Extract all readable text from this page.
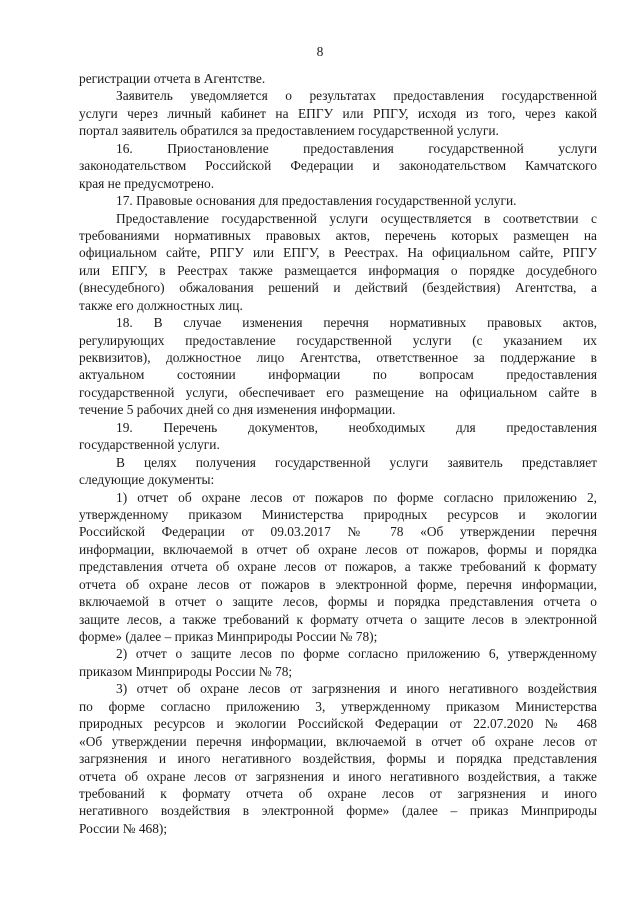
8
регистрации отчета в Агентстве.
Заявитель уведомляется о результатах предоставления государственной
услуги через личный кабинет на ЕПГУ или РПГУ, исходя из того, через какой
портал заявитель обратился за предоставлением государственной услуги.
16. Приостановление предоставления государственной услуги
законодательством Российской Федерации и законодательством Камчатского
края не предусмотрено.
17. Правовые основания для предоставления государственной услуги.
Предоставление государственной услуги осуществляется в соответствии с
требованиями нормативных правовых актов, перечень которых размещен на
официальном сайте, РПГУ или ЕПГУ, в Реестрах. На официальном сайте, РПГУ
или ЕПГУ, в Реестрах также размещается информация о порядке досудебного
(внесудебного) обжалования решений и действий (бездействия) Агентства, а
также его должностных лиц.
18. В случае изменения перечня нормативных правовых актов,
регулирующих предоставление государственной услуги (с указанием их
реквизитов), должностное лицо Агентства, ответственное за поддержание в
актуальном состоянии информации по вопросам предоставления
государственной услуги, обеспечивает его размещение на официальном сайте в
течение 5 рабочих дней со дня изменения информации.
19. Перечень документов, необходимых для предоставления
государственной услуги.
В целях получения государственной услуги заявитель представляет
следующие документы:
1) отчет об охране лесов от пожаров по форме согласно приложению 2,
утвержденному приказом Министерства природных ресурсов и экологии
Российской Федерации от 09.03.2017 № 78 «Об утверждении перечня
информации, включаемой в отчет об охране лесов от пожаров, формы и порядка
представления отчета об охране лесов от пожаров, а также требований к формату
отчета об охране лесов от пожаров в электронной форме, перечня информации,
включаемой в отчет о защите лесов, формы и порядка представления отчета о
защите лесов, а также требований к формату отчета о защите лесов в электронной
форме» (далее – приказ Минприроды России № 78);
2) отчет о защите лесов по форме согласно приложению 6, утвержденному
приказом Минприроды России № 78;
3) отчет об охране лесов от загрязнения и иного негативного воздействия
по форме согласно приложению 3, утвержденному приказом Министерства
природных ресурсов и экологии Российской Федерации от 22.07.2020 № 468
«Об утверждении перечня информации, включаемой в отчет об охране лесов от
загрязнения и иного негативного воздействия, формы и порядка представления
отчета об охране лесов от загрязнения и иного негативного воздействия, а также
требований к формату отчета об охране лесов от загрязнения и иного
негативного воздействия в электронной форме» (далее – приказ Минприроды
России № 468);
